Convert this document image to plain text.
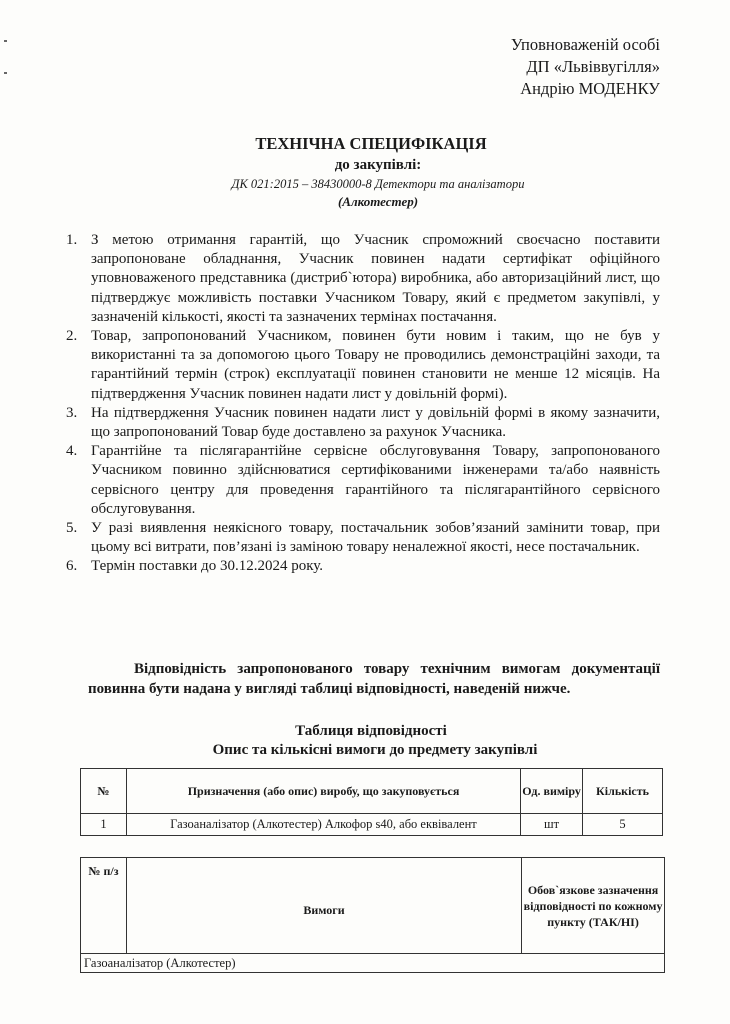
Уповноваженій особі
ДП «Львіввугілля»
Андрію МОДЕНКУ
ТЕХНІЧНА СПЕЦИФІКАЦІЯ
до закупівлі:
ДК 021:2015 – 38430000-8 Детектори та аналізатори
(Алкотестер)
1. З метою отримання гарантій, що Учасник спроможний своєчасно поставити запропоноване обладнання, Учасник повинен надати сертифікат офіційного уповноваженого представника (дистриб`ютора) виробника, або авторизаційний лист, що підтверджує можливість поставки Учасником Товару, який є предметом закупівлі, у зазначеній кількості, якості та зазначених термінах постачання.
2. Товар, запропонований Учасником, повинен бути новим і таким, що не був у використанні та за допомогою цього Товару не проводились демонстраційні заходи, та гарантійний термін (строк) експлуатації повинен становити не менше 12 місяців. На підтвердження Учасник повинен надати лист у довільній формі).
3. На підтвердження Учасник повинен надати лист у довільній формі в якому зазначити, що запропонований Товар буде доставлено за рахунок Учасника.
4. Гарантійне та післягарантійне сервісне обслуговування Товару, запропонованого Учасником повинно здійснюватися сертифікованими інженерами та/або наявність сервісного центру для проведення гарантійного та післягарантійного сервісного обслуговування.
5. У разі виявлення неякісного товару, постачальник зобов’язаний замінити товар, при цьому всі витрати, пов’язані із заміною товару неналежної якості, несе постачальник.
6. Термін поставки до 30.12.2024 року.
Відповідність запропонованого товару технічним вимогам документації повинна бути надана у вигляді таблиці відповідності, наведеній нижче.
Таблиця відповідності
Опис та кількісні вимоги до предмету закупівлі
№	Призначення (або опис) виробу, що закуповується	Од. виміру	Кількість
1	Газоаналізатор (Алкотестер) Алкофор s40, або еквівалент	шт	5
№ п/з	Вимоги	Обов`язкове зазначення відповідності по кожному пункту (ТАК/НІ)
Газоаналізатор (Алкотестер)
